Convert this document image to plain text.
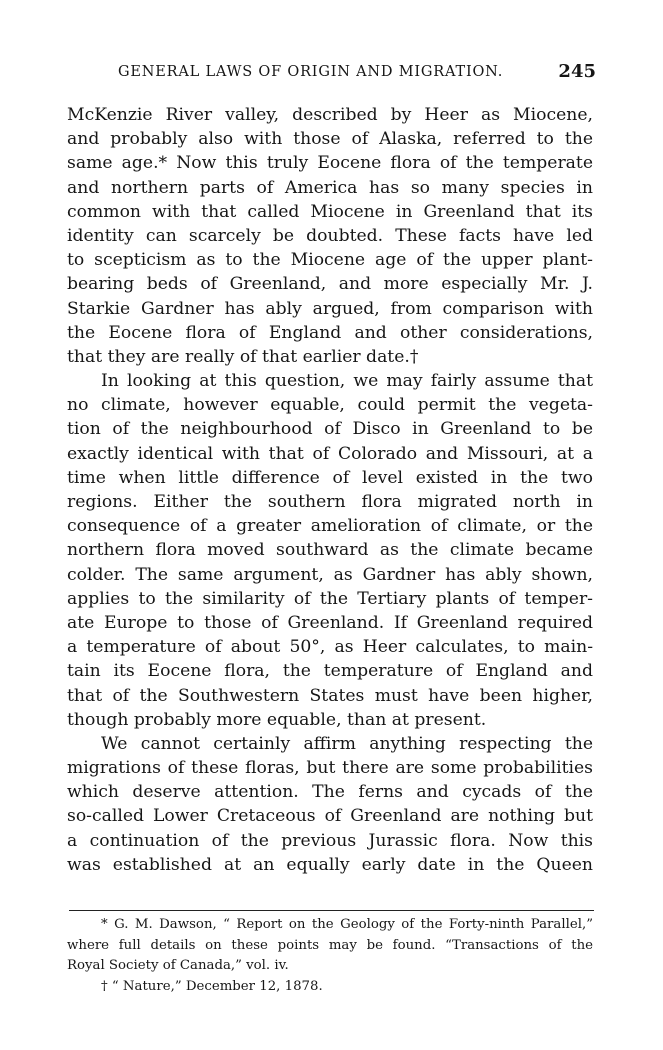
GENERAL LAWS OF ORIGIN AND MIGRATION.	245
McKenzie River valley, described by Heer as Miocene,
and probably also with those of Alaska, referred to the
same age.* Now this truly Eocene flora of the temperate
and northern parts of America has so many species in
common with that called Miocene in Greenland that its
identity can scarcely be doubted. These facts have led
to scepticism as to the Miocene age of the upper plant-
bearing beds of Greenland, and more especially Mr. J.
Starkie Gardner has ably argued, from comparison with
the Eocene flora of England and other considerations,
that they are really of that earlier date.†
In looking at this question, we may fairly assume that
no climate, however equable, could permit the vegeta-
tion of the neighbourhood of Disco in Greenland to be
exactly identical with that of Colorado and Missouri, at a
time when little difference of level existed in the two
regions. Either the southern flora migrated north in
consequence of a greater amelioration of climate, or the
northern flora moved southward as the climate became
colder. The same argument, as Gardner has ably shown,
applies to the similarity of the Tertiary plants of temper-
ate Europe to those of Greenland. If Greenland required
a temperature of about 50°, as Heer calculates, to main-
tain its Eocene flora, the temperature of England and
that of the Southwestern States must have been higher,
though probably more equable, than at present.
We cannot certainly affirm anything respecting the
migrations of these floras, but there are some probabilities
which deserve attention. The ferns and cycads of the
so-called Lower Cretaceous of Greenland are nothing but
a continuation of the previous Jurassic flora. Now this
was established at an equally early date in the Queen
* G. M. Dawson, “ Report on the Geology of the Forty-ninth Parallel,”
where full details on these points may be found. “Transactions of the
Royal Society of Canada,” vol. iv.
† “ Nature,” December 12, 1878.
